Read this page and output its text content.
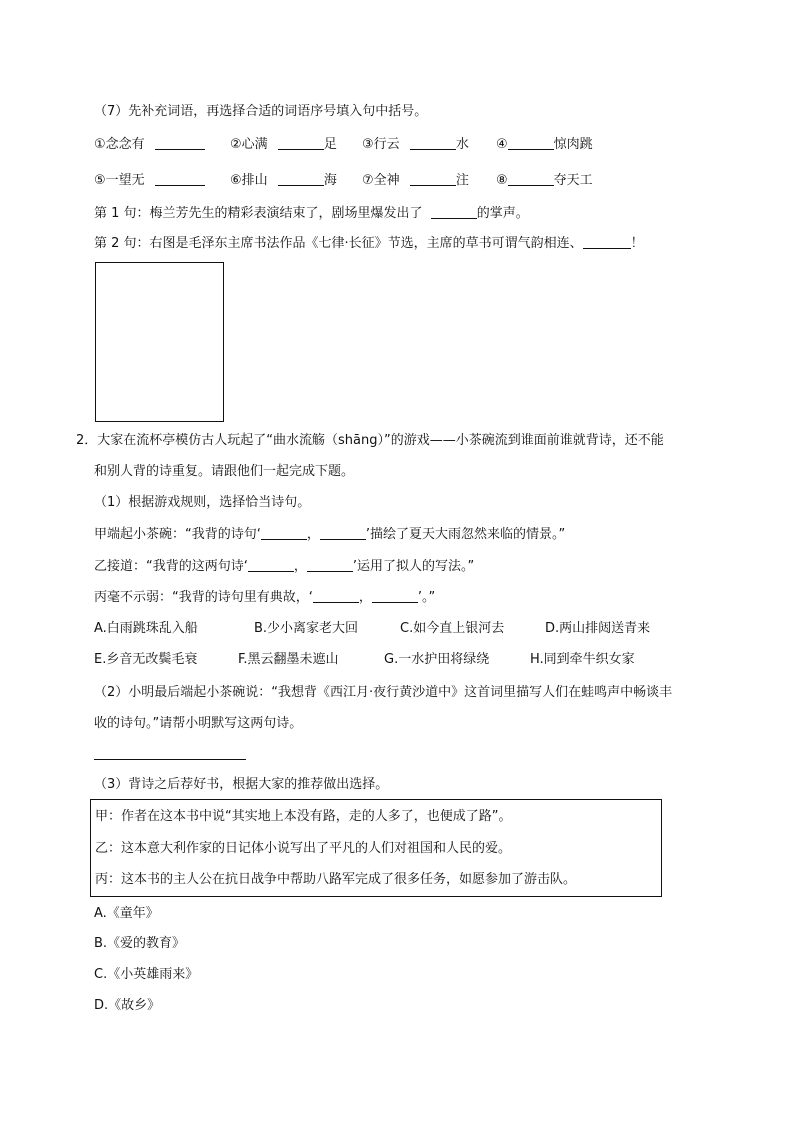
（7）先补充词语，再选择合适的词语序号填入句中括号。
①念念有	②心满	足 ③行云	水 ④	惊肉跳
⑤一望无	⑥排山	海 ⑦全神	注 ⑧	夺天工
第 1 句：梅兰芳先生的精彩表演结束了，剧场里爆发出了	的掌声。
第 2 句：右图是毛泽东主席书法作品《七律·长征》节选，主席的草书可谓气韵相连、	！
2．大家在流杯亭模仿古人玩起了“曲水流觞（shāng）”的游戏——小茶碗流到谁面前谁就背诗，还不能
和别人背的诗重复。请跟他们一起完成下题。
（1）根据游戏规则，选择恰当诗句。
甲端起小茶碗：“我背的诗句‘	，	’描绘了夏天大雨忽然来临的情景。”
乙接道：“我背的这两句诗‘	，	’运用了拟人的写法。”
丙毫不示弱：“我背的诗句里有典故，‘	，	’。”
A.白雨跳珠乱入船	B.少小离家老大回	C.如今直上银河去	D.两山排闼送青来
E.乡音无改鬓毛衰	F.黑云翻墨未遮山	G.一水护田将绿绕	H.同到牵牛织女家
（2）小明最后端起小茶碗说：“我想背《西江月·夜行黄沙道中》这首词里描写人们在蛙鸣声中畅谈丰
收的诗句。”请帮小明默写这两句诗。
（3）背诗之后荐好书，根据大家的推荐做出选择。
甲：作者在这本书中说“其实地上本没有路，走的人多了，也便成了路”。
乙：这本意大利作家的日记体小说写出了平凡的人们对祖国和人民的爱。
丙：这本书的主人公在抗日战争中帮助八路军完成了很多任务，如愿参加了游击队。
A.《童年》
B.《爱的教育》
C.《小英雄雨来》
D.《故乡》
